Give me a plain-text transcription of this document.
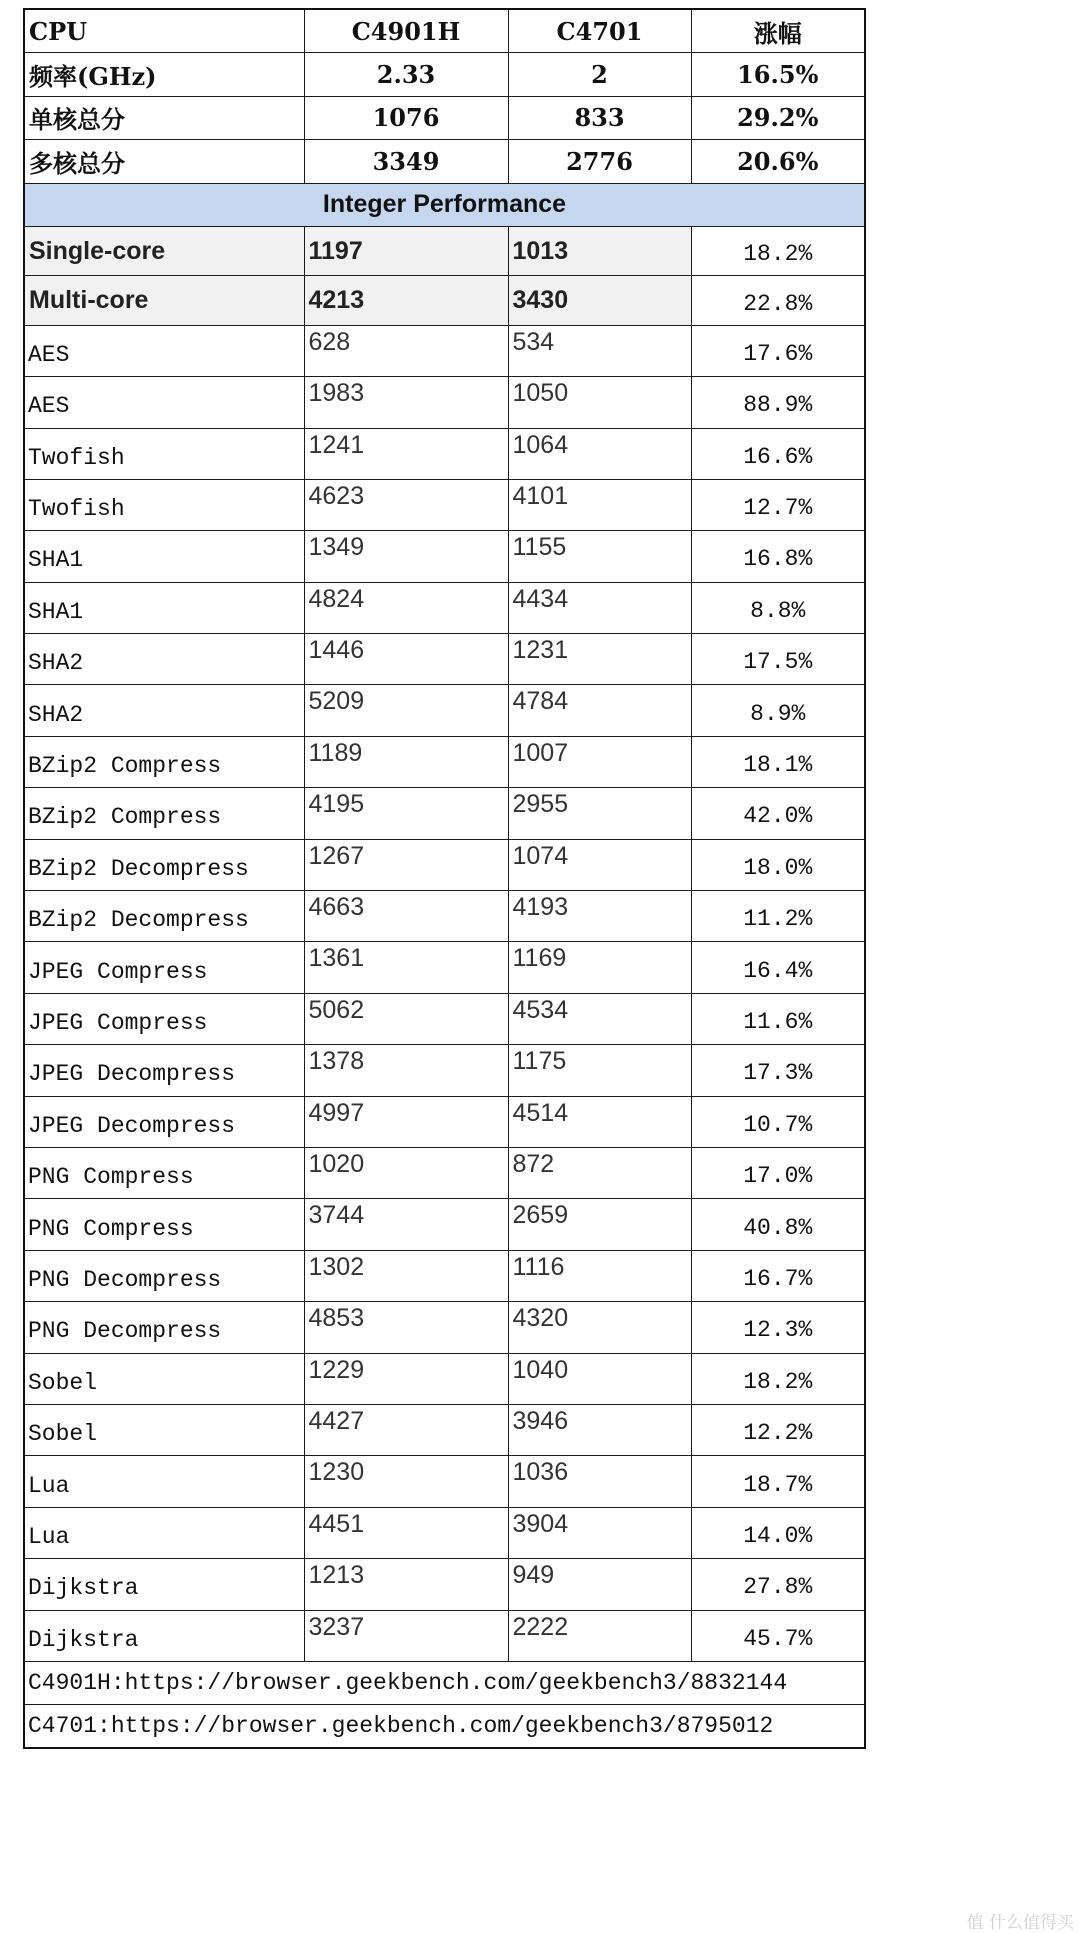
CPU	C4901H	C4701	涨幅
频率(GHz)	2.33	2	16.5%
单核总分	1076	833	29.2%
多核总分	3349	2776	20.6%
Integer Performance			
Single-core	1197	1013	18.2%
Multi-core	4213	3430	22.8%
AES	628	534	17.6%
AES	1983	1050	88.9%
Twofish	1241	1064	16.6%
Twofish	4623	4101	12.7%
SHA1	1349	1155	16.8%
SHA1	4824	4434	8.8%
SHA2	1446	1231	17.5%
SHA2	5209	4784	8.9%
BZip2 Compress	1189	1007	18.1%
BZip2 Compress	4195	2955	42.0%
BZip2 Decompress	1267	1074	18.0%
BZip2 Decompress	4663	4193	11.2%
JPEG Compress	1361	1169	16.4%
JPEG Compress	5062	4534	11.6%
JPEG Decompress	1378	1175	17.3%
JPEG Decompress	4997	4514	10.7%
PNG Compress	1020	872	17.0%
PNG Compress	3744	2659	40.8%
PNG Decompress	1302	1116	16.7%
PNG Decompress	4853	4320	12.3%
Sobel	1229	1040	18.2%
Sobel	4427	3946	12.2%
Lua	1230	1036	18.7%
Lua	4451	3904	14.0%
Dijkstra	1213	949	27.8%
Dijkstra	3237	2222	45.7%
C4901H:https://browser.geekbench.com/geekbench3/8832144			
C4701:https://browser.geekbench.com/geekbench3/8795012			
值 什么值得买
